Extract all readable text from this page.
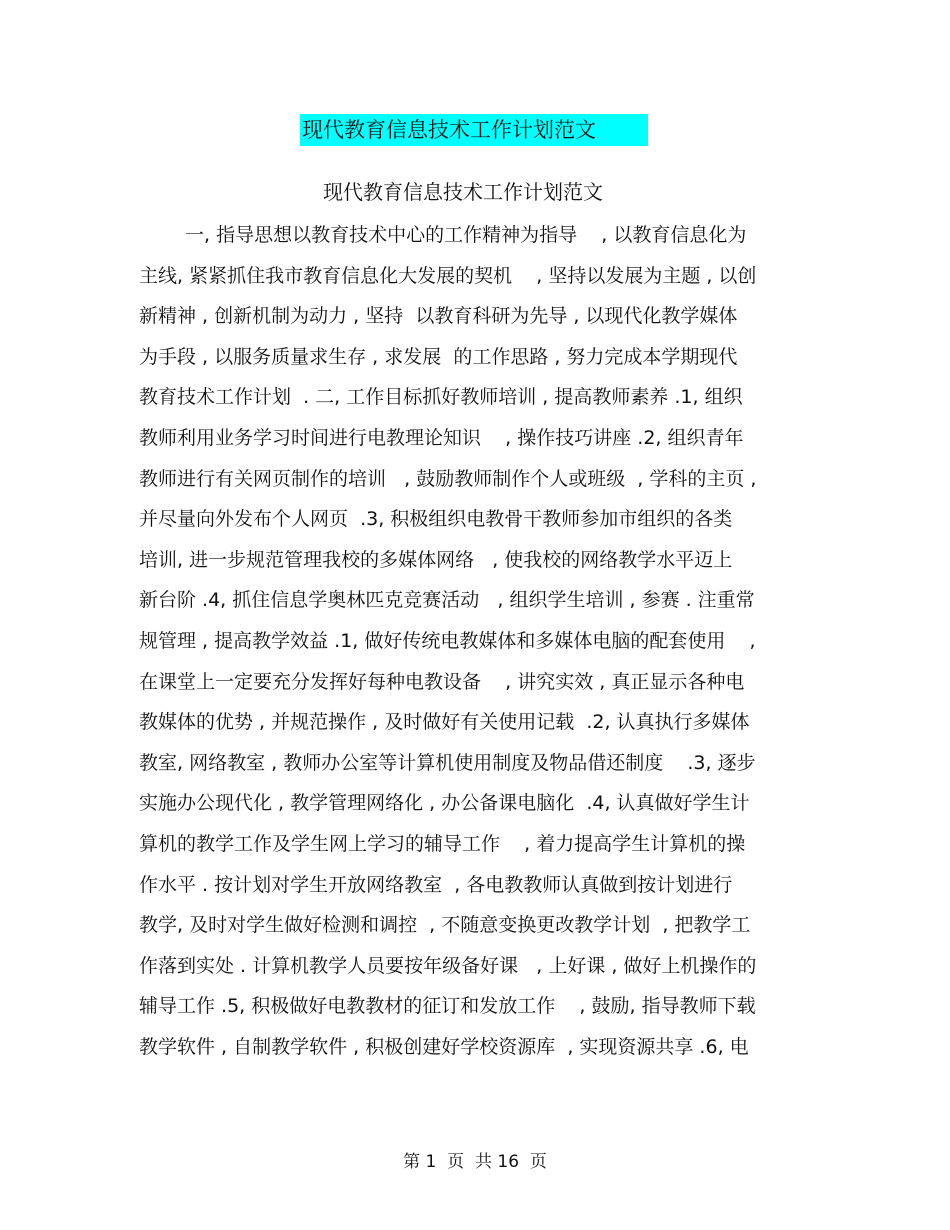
现代教育信息技术工作计划范文
现代教育信息技术工作计划范文
一, 指导思想以教育技术中心的工作精神为指导    , 以教育信息化为
主线, 紧紧抓住我市教育信息化大发展的契机    , 坚持以发展为主题 , 以创
新精神 , 创新机制为动力 , 坚持  以教育科研为先导 , 以现代化教学媒体
为手段 , 以服务质量求生存 , 求发展  的工作思路 , 努力完成本学期现代
教育技术工作计划  . 二, 工作目标抓好教师培训 , 提高教师素养 .1, 组织
教师利用业务学习时间进行电教理论知识    , 操作技巧讲座 .2, 组织青年
教师进行有关网页制作的培训   , 鼓励教师制作个人或班级  , 学科的主页 ,
并尽量向外发布个人网页  .3, 积极组织电教骨干教师参加市组织的各类
培训, 进一步规范管理我校的多媒体网络   , 使我校的网络教学水平迈上
新台阶 .4, 抓住信息学奥林匹克竞赛活动   , 组织学生培训 , 参赛 . 注重常
规管理 , 提高教学效益 .1, 做好传统电教媒体和多媒体电脑的配套使用    ,
在课堂上一定要充分发挥好每种电教设备    , 讲究实效 , 真正显示各种电
教媒体的优势 , 并规范操作 , 及时做好有关使用记载  .2, 认真执行多媒体
教室, 网络教室 , 教师办公室等计算机使用制度及物品借还制度    .3, 逐步
实施办公现代化 , 教学管理网络化 , 办公备课电脑化  .4, 认真做好学生计
算机的教学工作及学生网上学习的辅导工作    , 着力提高学生计算机的操
作水平 . 按计划对学生开放网络教室  , 各电教教师认真做到按计划进行
教学, 及时对学生做好检测和调控  , 不随意变换更改教学计划  , 把教学工
作落到实处 . 计算机教学人员要按年级备好课   , 上好课 , 做好上机操作的
辅导工作 .5, 积极做好电教教材的征订和发放工作    , 鼓励, 指导教师下载
教学软件 , 自制教学软件 , 积极创建好学校资源库  , 实现资源共享 .6, 电
第 1  页  共 16  页
